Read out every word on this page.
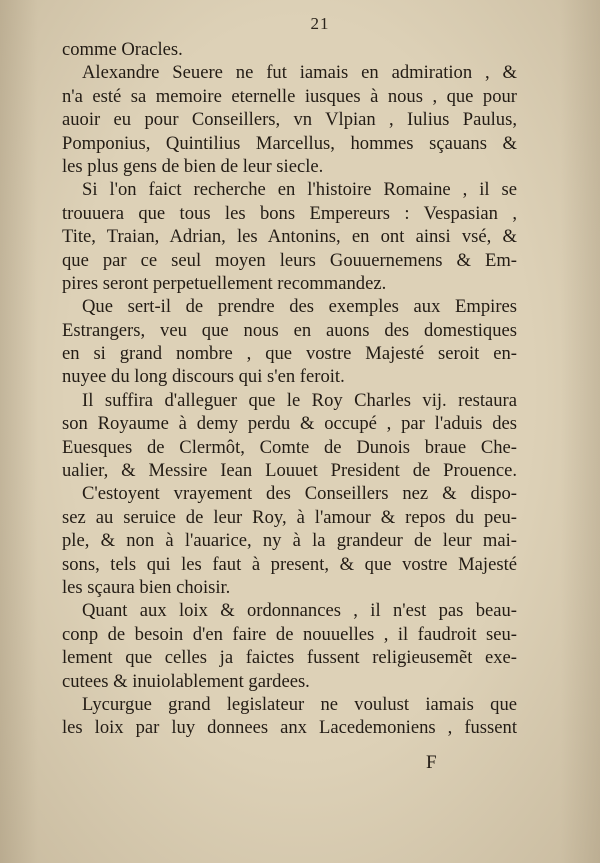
21
comme Oracles.
Alexandre Seuere ne fut iamais en admiration , &
n'a esté sa memoire eternelle iusques à nous , que pour
auoir eu pour Conseillers, vn Vlpian , Iulius Paulus,
Pomponius, Quintilius Marcellus, hommes sçauans &
les plus gens de bien de leur siecle.
Si l'on faict recherche en l'histoire Romaine , il se
trouuera que tous les bons Empereurs : Vespasian ,
Tite, Traian, Adrian, les Antonins, en ont ainsi vsé, &
que par ce seul moyen leurs Gouuernemens & Em-
pires seront perpetuellement recommandez.
Que sert-il de prendre des exemples aux Empires
Estrangers, veu que nous en auons des domestiques
en si grand nombre , que vostre Majesté seroit en-
nuyee du long discours qui s'en feroit.
Il suffira d'alleguer que le Roy Charles vij. restaura
son Royaume à demy perdu & occupé , par l'aduis des
Euesques de Clermôt, Comte de Dunois braue Che-
ualier, & Messire Iean Louuet President de Prouence.
C'estoyent vrayement des Conseillers nez & dispo-
sez au seruice de leur Roy, à l'amour & repos du peu-
ple, & non à l'auarice, ny à la grandeur de leur mai-
sons, tels qui les faut à present, & que vostre Majesté
les sçaura bien choisir.
Quant aux loix & ordonnances , il n'est pas beau-
conp de besoin d'en faire de nouuelles , il faudroit seu-
lement que celles ja faictes fussent religieusemẽt exe-
cutees & inuiolablement gardees.
Lycurgue grand legislateur ne voulust iamais que
les loix par luy donnees anx Lacedemoniens , fussent
F
